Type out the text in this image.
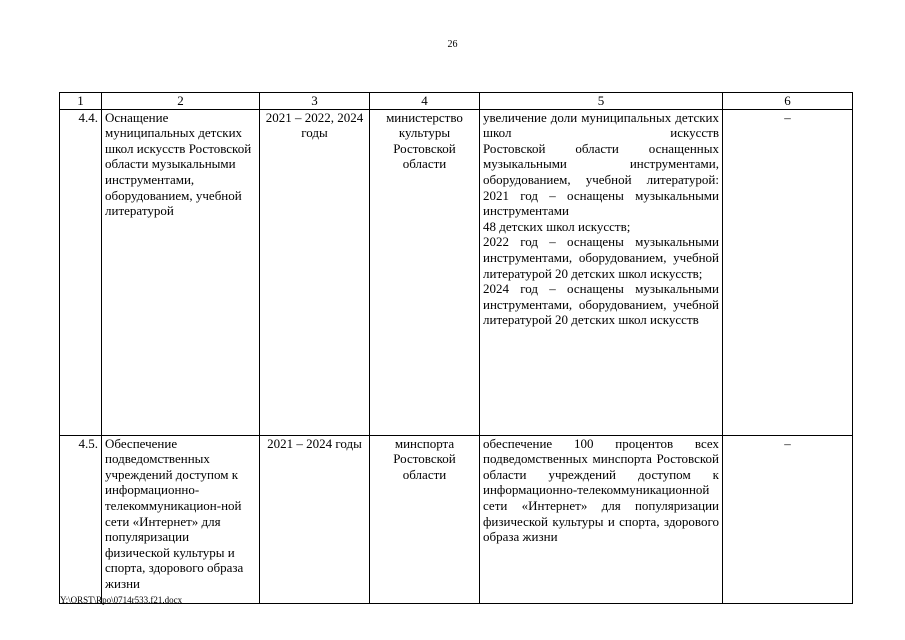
26
1	2	3	4	5	6
4.4.	Оснащение муниципальных детских школ искусств Ростовской области музыкальными инструментами, оборудованием, учебной литературой	2021 – 2022, 2024 годы	министерство культуры Ростовской области	увеличение доли муниципальных детских школ искусств
Ростовской области оснащенных музыкальными инструментами, оборудованием, учебной литературой: 2021 год – оснащены музыкальными инструментами
48 детских школ искусств;
2022 год – оснащены музыкальными инструментами, оборудованием, учебной литературой 20 детских школ искусств;
2024 год – оснащены музыкальными инструментами, оборудованием, учебной литературой 20 детских школ искусств	–
4.5.	Обеспечение подведомственных учреждений доступом к информационно-телекоммуникацион-ной сети «Интернет» для популяризации физической культуры и спорта, здорового образа жизни	2021 – 2024 годы	минспорта Ростовской области	обеспечение 100 процентов всех подведомственных минспорта Ростовской области учреждений доступом к информационно-телекоммуникационной сети «Интернет» для популяризации физической культуры и спорта, здорового образа жизни	–
Y:\ORST\Rpo\0714r533.f21.docx
